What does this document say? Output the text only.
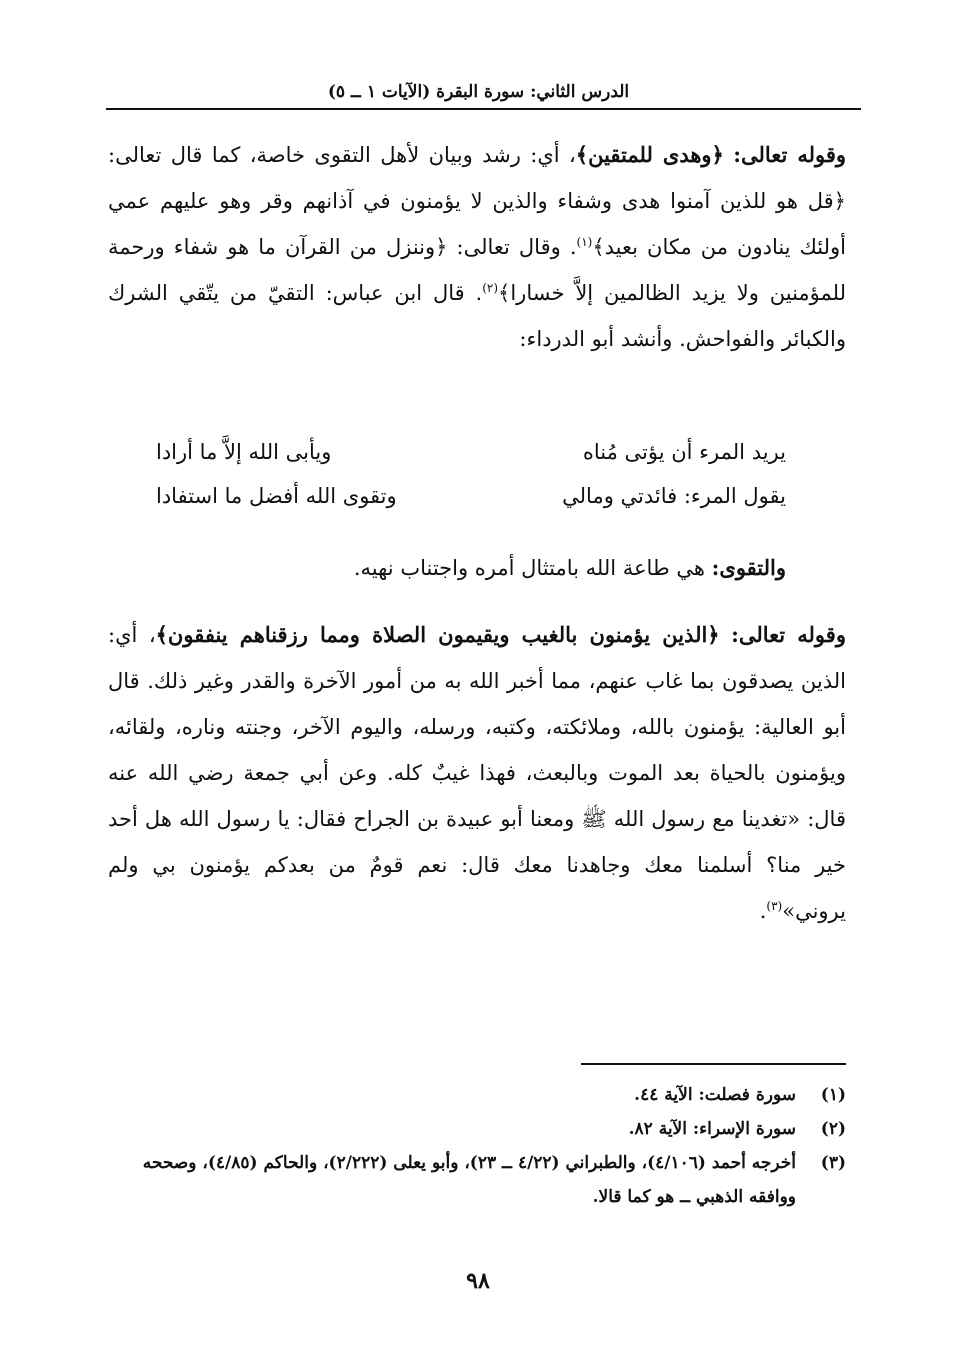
الدرس الثاني: سورة البقرة (الآيات ١ ــ ٥)
وقوله تعالى: ﴿وهدى للمتقين﴾، أي: رشد وبيان لأهل التقوى خاصة، كما قال تعالى: ﴿قل هو للذين آمنوا هدى وشفاء والذين لا يؤمنون في آذانهم وقر وهو عليهم عمي أولئك ينادون من مكان بعيد﴾$^{(١)}$. وقال تعالى: ﴿وننزل من القرآن ما هو شفاء ورحمة للمؤمنين ولا يزيد الظالمين إلاَّ خسارا﴾$^{(٢)}$. قال ابن عباس: التقيّ من يتّقي الشرك والكبائر والفواحش. وأنشد أبو الدرداء:
يريد المرء أن يؤتى مُناه
ويأبى الله إلاَّ ما أرادا
يقول المرء: فائدتي ومالي
وتقوى الله أفضل ما استفادا
والتقوى: هي طاعة الله بامتثال أمره واجتناب نهيه.
وقوله تعالى: ﴿الذين يؤمنون بالغيب ويقيمون الصلاة ومما رزقناهم ينفقون﴾، أي: الذين يصدقون بما غاب عنهم، مما أخبر الله به من أمور الآخرة والقدر وغير ذلك. قال أبو العالية: يؤمنون بالله، وملائكته، وكتبه، ورسله، واليوم الآخر، وجنته وناره، ولقائه، ويؤمنون بالحياة بعد الموت وبالبعث، فهذا غيبٌ كله. وعن أبي جمعة رضي الله عنه قال: «تغدينا مع رسول الله ﷺ ومعنا أبو عبيدة بن الجراح فقال: يا رسول الله هل أحد خير منا؟ أسلمنا معك وجاهدنا معك قال: نعم قومٌ من بعدكم يؤمنون بي ولم يروني»$^{(٣)}$.
(١)
سورة فصلت: الآية ٤٤.
(٢)
سورة الإسراء: الآية ٨٢.
(٣)
أخرجه أحمد (٤/١٠٦)، والطبراني (٤/٢٢ ــ ٢٣)، وأبو يعلى (٢/٢٢٢)، والحاكم (٤/٨٥)، وصححه ووافقه الذهبي ــ هو كما قالا.
٩٨
